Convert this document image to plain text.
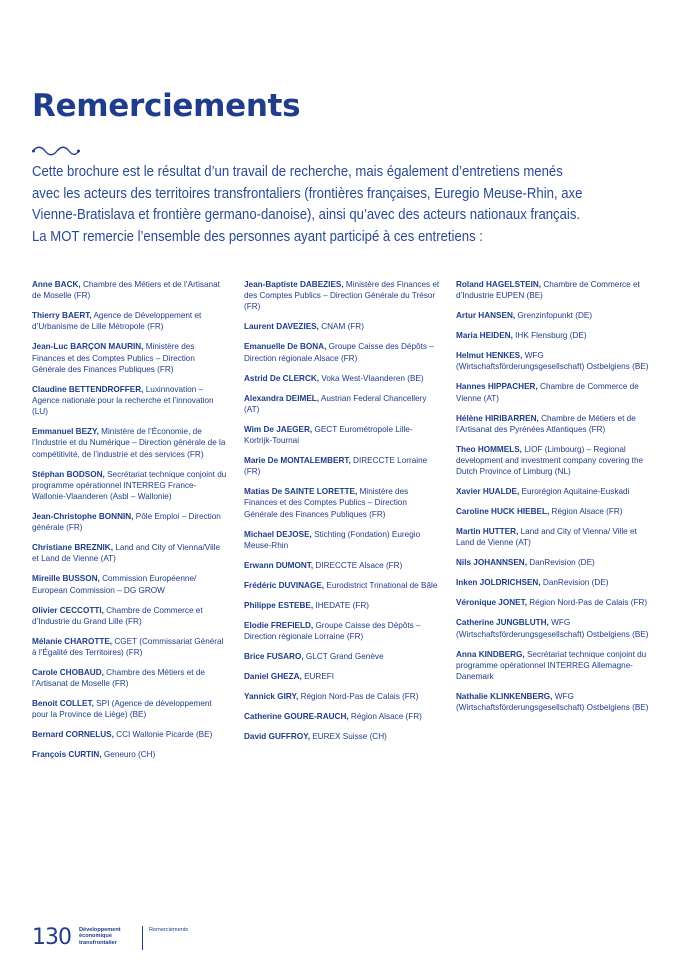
Remerciements

Cette brochure est le résultat d’un travail de recherche, mais également d’entretiens menés avec les acteurs des territoires transfrontaliers (frontières françaises, Euregio Meuse-Rhin, axe Vienne-Bratislava et frontière germano-danoise), ainsi qu’avec des acteurs nationaux français.

La MOT remercie l’ensemble des personnes ayant participé à ces entretiens :

Anne BACK, Chambre des Métiers et de l’Artisanat de Moselle (FR)

Thierry BAERT, Agence de Développement et d’Urbanisme de Lille Métropole (FR)

Jean-Luc BARÇON MAURIN, Ministère des Finances et des Comptes Publics – Direction Générale des Finances Publiques (FR)

Claudine BETTENDROFFER, Luxinnovation – Agence nationale pour la recherche et l’innovation (LU)

Emmanuel BEZY, Ministère de l’Économie, de l’Industrie et du Numérique – Direction générale de la compétitivité, de l’industrie et des services (FR)

Stéphan BODSON, Secrétariat technique conjoint du programme opérationnel INTERREG France-Wallonie-Vlaanderen (Asbl – Wallonie)

Jean-Christophe BONNIN, Pôle Emploi – Direction générale (FR)

Christiane BREZNIK, Land and City of Vienna/Ville et Land de Vienne (AT)

Mireille BUSSON, Commission Européenne/ European Commission – DG GROW

Olivier CECCOTTI, Chambre de Commerce et d’Industrie du Grand Lille (FR)

Mélanie CHAROTTE, CGET (Commissariat Général à l’Égalité des Territoires) (FR)

Carole CHOBAUD, Chambre des Métiers et de l’Artisanat de Moselle (FR)

Benoit COLLET, SPI (Agence de développement pour la Province de Liège) (BE)

Bernard CORNELUS, CCI Wallonie Picarde (BE)

François CURTIN, Geneuro (CH)

Jean-Baptiste DABEZIES, Ministère des Finances et des Comptes Publics – Direction Générale du Trésor (FR)

Laurent DAVEZIES, CNAM (FR)

Emanuelle De BONA, Groupe Caisse des Dépôts – Direction régionale Alsace (FR)

Astrid De CLERCK, Voka West-Vlaanderen (BE)

Alexandra DEIMEL, Austrian Federal Chancellery (AT)

Wim De JAEGER, GECT Eurométropole Lille-Kortrijk-Tournai

Marie De MONTALEMBERT, DIRECCTE Lorraine (FR)

Matias De SAINTE LORETTE, Ministère des Finances et des Comptes Publics – Direction Générale des Finances Publiques (FR)

Michael DEJOSE, Stichting (Fondation) Euregio Meuse-Rhin

Erwann DUMONT, DIRECCTE Alsace (FR)

Frédéric DUVINAGE, Eurodistrict Trinational de Bâle

Philippe ESTEBE, IHEDATE (FR)

Elodie FREFIELD, Groupe Caisse des Dépôts – Direction régionale Lorraine (FR)

Brice FUSARO, GLCT Grand Genève

Daniel GHEZA, EUREFI

Yannick GIRY, Région Nord-Pas de Calais (FR)

Catherine GOURE-RAUCH, Région Alsace (FR)

David GUFFROY, EUREX Suisse (CH)

Roland HAGELSTEIN, Chambre de Commerce et d’Industrie EUPEN (BE)

Artur HANSEN, Grenzinfopunkt (DE)

Maria HEIDEN, IHK Flensburg (DE)

Helmut HENKES, WFG (Wirtschaftsförderungsgesellschaft) Ostbelgiens (BE)

Hannes HIPPACHER, Chambre de Commerce de Vienne (AT)

Hélène HIRIBARREN, Chambre de Métiers et de l’Artisanat des Pyrénées Atlantiques (FR)

Theo HOMMELS, LIOF (Limbourg) – Regional development and investment company covering the Dutch Province of Limburg (NL)

Xavier HUALDE, Eurorégion Aquitaine-Euskadi

Caroline HUCK HIEBEL, Région Alsace (FR)

Martin HUTTER, Land and City of Vienna/ Ville et Land de Vienne (AT)

Nils JOHANNSEN, DanRevision (DE)

Inken JOLDRICHSEN, DanRevision (DE)

Véronique JONET, Région Nord-Pas de Calais (FR)

Catherine JUNGBLUTH, WFG (Wirtschaftsförderungsgesellschaft) Ostbelgiens (BE)

Anna KINDBERG, Secrétariat technique conjoint du programme opérationnel INTERREG Allemagne-Danemark

Nathalie KLINKENBERG, WFG (Wirtschaftsförderungsgesellschaft) Ostbelgiens (BE)

130 Développement
économique
transfrontalier
Remerciements
